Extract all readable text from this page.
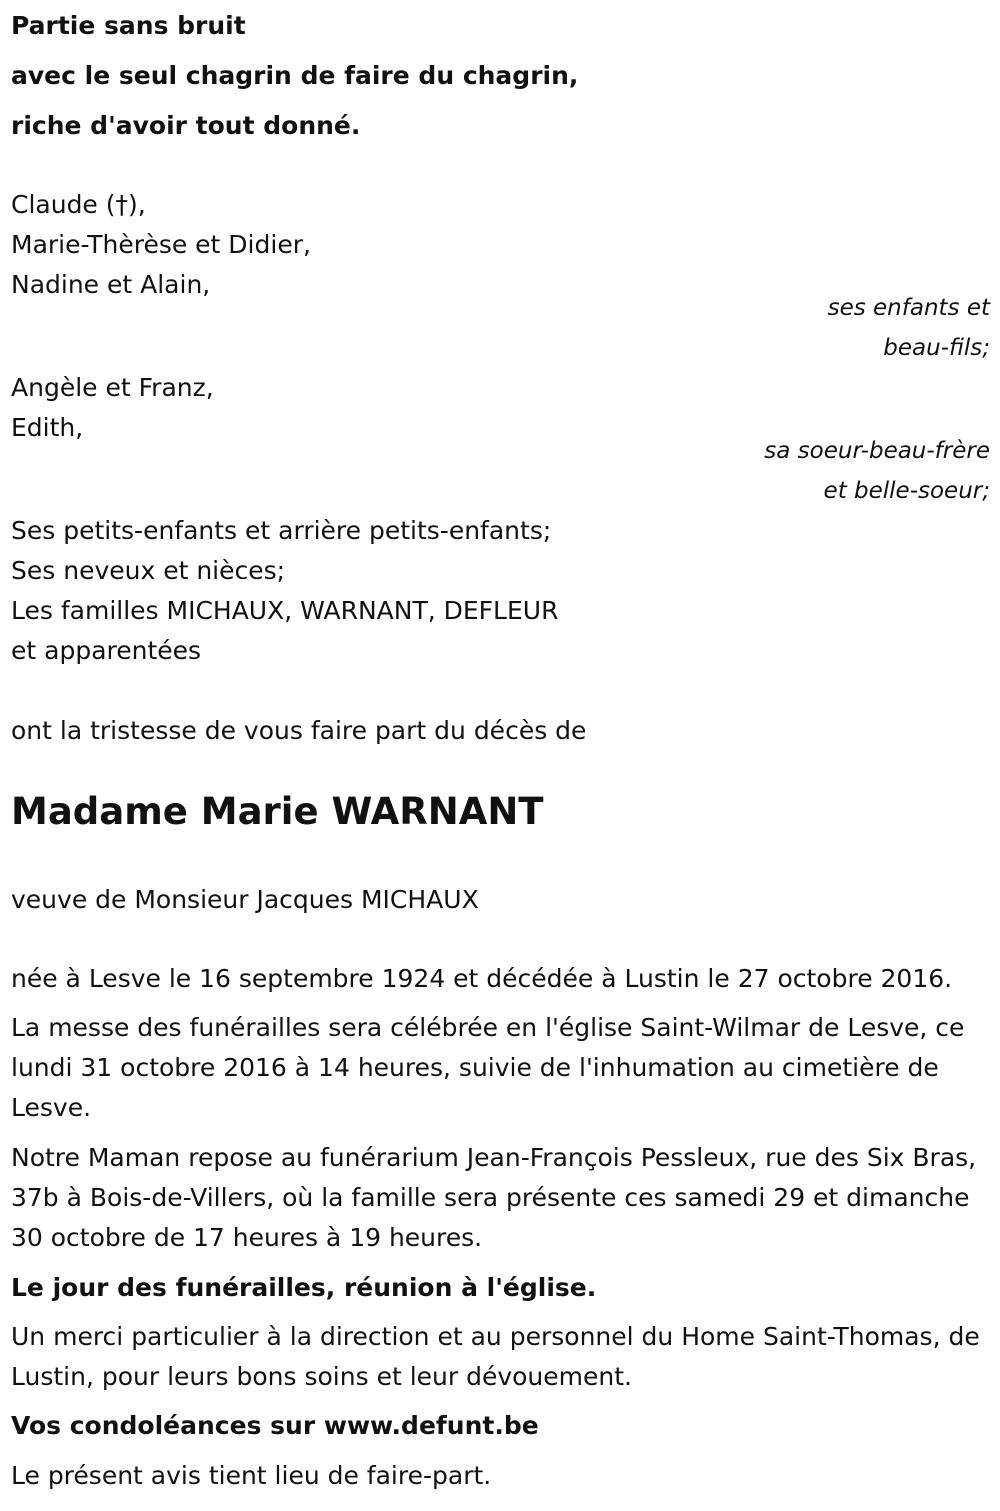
Partie sans bruit

avec le seul chagrin de faire du chagrin,

riche d'avoir tout donné.

Claude (†),

Marie-Thèrèse et Didier,

Nadine et Alain,

ses enfants et

beau-fils;

Angèle et Franz,

Edith,

sa soeur-beau-frère

et belle-soeur;

Ses petits-enfants et arrière petits-enfants;

Ses neveux et nièces;

Les familles MICHAUX, WARNANT, DEFLEUR

et apparentées

ont la tristesse de vous faire part du décès de

Madame Marie WARNANT

veuve de Monsieur Jacques MICHAUX

née à Lesve le 16 septembre 1924 et décédée à Lustin le 27 octobre 2016.

La messe des funérailles sera célébrée en l'église Saint-Wilmar de Lesve, ce lundi 31 octobre 2016 à 14 heures, suivie de l'inhumation au cimetière de Lesve.

Notre Maman repose au funérarium Jean-François Pessleux, rue des Six Bras, 37b à Bois-de-Villers, où la famille sera présente ces samedi 29 et dimanche 30 octobre de 17 heures à 19 heures.

Le jour des funérailles, réunion à l'église.

Un merci particulier à la direction et au personnel du Home Saint-Thomas, de Lustin, pour leurs bons soins et leur dévouement.

Vos condoléances sur www.defunt.be

Le présent avis tient lieu de faire-part.
